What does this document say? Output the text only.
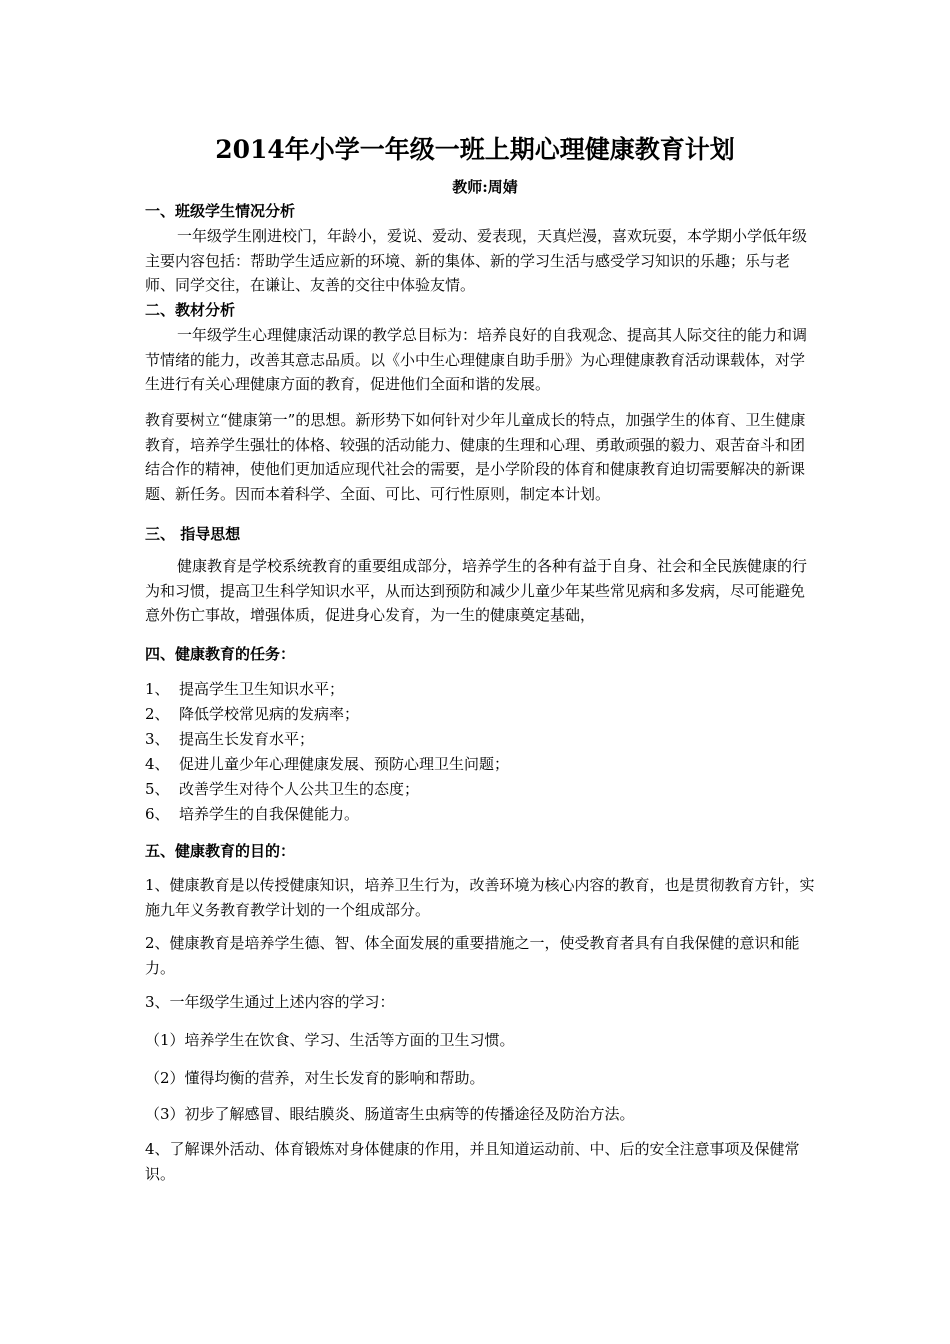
2014年小学一年级一班上期心理健康教育计划
教师:周婧
一、班级学生情况分析

一年级学生刚进校门，年龄小，爱说、爱动、爱表现，天真烂漫，喜欢玩耍，本学期小学低年级主要内容包括：帮助学生适应新的环境、新的集体、新的学习生活与感受学习知识的乐趣；乐与老师、同学交往，在谦让、友善的交往中体验友情。

二、教材分析

一年级学生心理健康活动课的教学总目标为：培养良好的自我观念、提高其人际交往的能力和调节情绪的能力，改善其意志品质。以《小中生心理健康自助手册》为心理健康教育活动课载体，对学生进行有关心理健康方面的教育，促进他们全面和谐的发展。

教育要树立“健康第一”的思想。新形势下如何针对少年儿童成长的特点，加强学生的体育、卫生健康教育，培养学生强壮的体格、较强的活动能力、健康的生理和心理、勇敢顽强的毅力、艰苦奋斗和团结合作的精神，使他们更加适应现代社会的需要，是小学阶段的体育和健康教育迫切需要解决的新课题、新任务。因而本着科学、全面、可比、可行性原则，制定本计划。

三、 指导思想

健康教育是学校系统教育的重要组成部分，培养学生的各种有益于自身、社会和全民族健康的行为和习惯，提高卫生科学知识水平，从而达到预防和减少儿童少年某些常见病和多发病，尽可能避免意外伤亡事故，增强体质，促进身心发育，为一生的健康奠定基础，

四、健康教育的任务：
1、 提高学生卫生知识水平；
2、 降低学校常见病的发病率；
3、 提高生长发育水平；
4、 促进儿童少年心理健康发展、预防心理卫生问题；
5、 改善学生对待个人公共卫生的态度；
6、 培养学生的自我保健能力。
五、健康教育的目的：

1、健康教育是以传授健康知识，培养卫生行为，改善环境为核心内容的教育，也是贯彻教育方针，实施九年义务教育教学计划的一个组成部分。

2、健康教育是培养学生德、智、体全面发展的重要措施之一，使受教育者具有自我保健的意识和能力。

3、一年级学生通过上述内容的学习：

（1）培养学生在饮食、学习、生活等方面的卫生习惯。

（2）懂得均衡的营养，对生长发育的影响和帮助。

（3）初步了解感冒、眼结膜炎、肠道寄生虫病等的传播途径及防治方法。

4、了解课外活动、体育锻炼对身体健康的作用，并且知道运动前、中、后的安全注意事项及保健常识。
